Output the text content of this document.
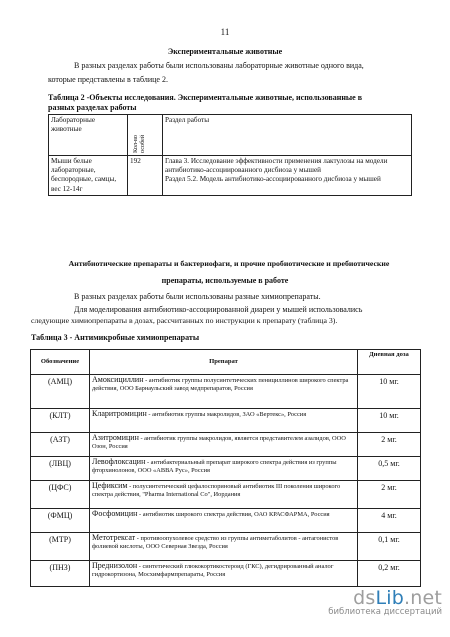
11
Экспериментальные животные
В разных разделах работы были использованы лабораторные животные одного вида,
которые представлены в таблице 2.
Таблица 2 -Объекты исследования. Экспериментальные животные, использованные в
разных разделах работы
Лабораторные животные	Кол-во особей	Раздел работы
Мыши белые лабораторные, беспородные, самцы, вес 12-14г	192	Глава 3. Исследование эффективности применения лактулозы на модели антибиотико-ассоциированного дисбиоза у мышей
Раздел 5.2. Модель антибиотико-ассоциированного дисбиоза у мышей
Антибиотические препараты и бактериофаги, и прочие пробиотические и пребиотические
препараты, используемые в работе
В разных разделах работы были использованы разные химиопрепараты.
Для моделирования антибиотико-ассоциированной диареи у мышей использовались
следующие химиопрепараты в дозах, рассчитанных по инструкции к препарату (таблица 3).
Таблица 3 - Антимикробные химиопрепараты
Обозначение	Препарат	Дневная доза
(АМЦ)	Амоксициллин - антибиотик группы полусинтетических пенициллинов широкого спектра действия, ООО Барнаульский завод медпрепаратов, Россия	10 мг.
(КЛТ)	Кларитромицин - антибиотик группы макролидов, ЗАО «Вертекс», Россия	10 мг.
(АЗТ)	Азитромицин - антибиотик группы макролидов, является представителем азалидов, ООО Озон, Россия	2 мг.
(ЛВЦ)	Левофлоксацин - антибактериальный препарат широкого спектра действия из группы фторхинолонов, ООО «АВВА Рус», Россия	0,5 мг.
(ЦФС)	Цефиксим - полусинтетический цефалоспориновый антибиотик III поколения широкого спектра действия, "Pharma International Co", Иордания	2 мг.
(ФМЦ)	Фосфомицин - антибиотик широкого спектра действия, ОАО КРАСФАРМА, Россия	4 мг.
(МТР)	Метотрексат - противоопухолевое средство из группы антиметаболитов - антагонистов фолиевой кислоты, ООО Северная Звезда, Россия	0,1 мг.
(ПНЗ)	Преднизолон - синтетический глюкокортикостероид (ГКС), дегидрированный аналог гидрокортизона, Мосхимфармпрепараты, Россия	0,2 мг.
dsLib.net
библиотека диссертаций
